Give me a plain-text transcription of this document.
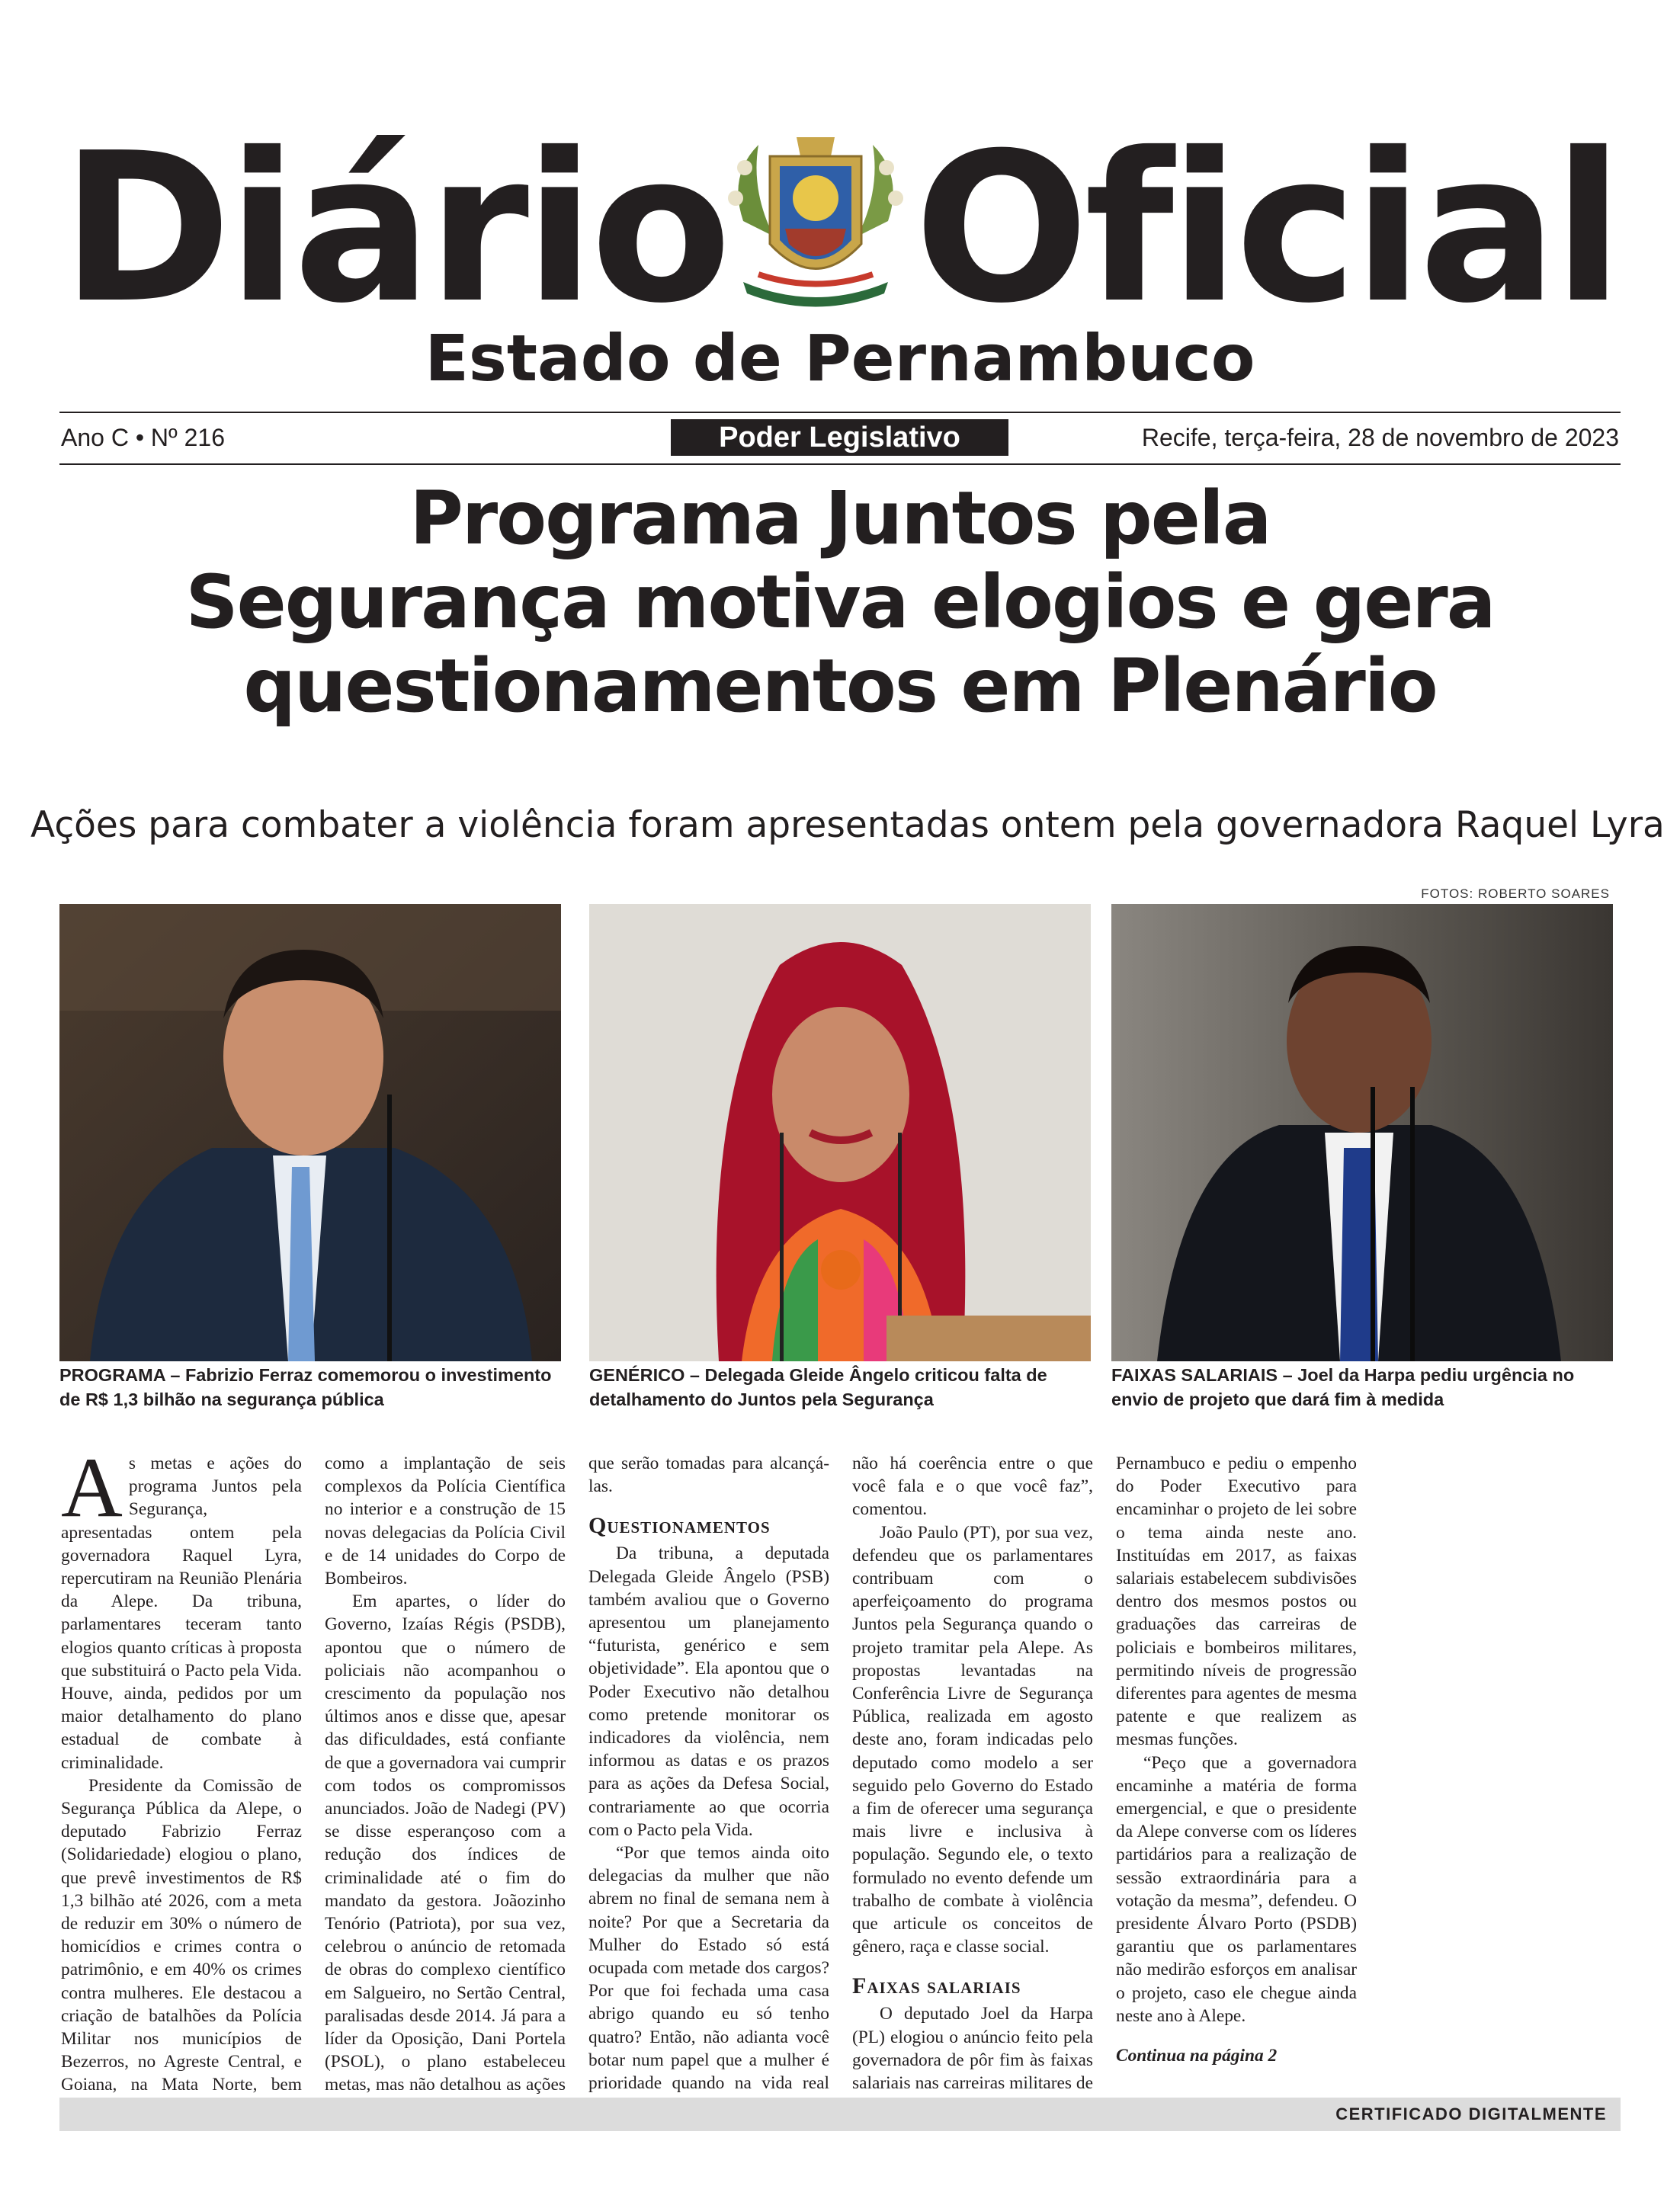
Diário Oficial
Estado de Pernambuco
Ano C • Nº 216	Poder Legislativo	Recife, terça-feira, 28 de novembro de 2023
Programa Juntos pela
Segurança motiva elogios e gera
questionamentos em Plenário
Ações para combater a violência foram apresentadas ontem pela governadora Raquel Lyra
FOTOS: ROBERTO SOARES
PROGRAMA – Fabrizio Ferraz comemorou o investimento de R$ 1,3 bilhão na segurança pública
GENÉRICO – Delegada Gleide Ângelo criticou falta de detalhamento do Juntos pela Segurança
FAIXAS SALARIAIS – Joel da Harpa pediu urgência no envio de projeto que dará fim à medida

As metas e ações do programa Juntos pela Segurança, apresentadas ontem pela governadora Raquel Lyra, repercutiram na Reunião Plenária da Alepe. Da tribuna, parlamentares teceram tanto elogios quanto críticas à proposta que substituirá o Pacto pela Vida. Houve, ainda, pedidos por um maior detalhamento do plano estadual de combate à criminalidade.

Presidente da Comissão de Segurança Pública da Alepe, o deputado Fabrizio Ferraz (Solidariedade) elogiou o plano, que prevê investimentos de R$ 1,3 bilhão até 2026, com a meta de reduzir em 30% o número de homicídios e crimes contra o patrimônio, e em 40% os crimes contra mulheres. Ele destacou a criação de batalhões da Polícia Militar nos municípios de Bezerros, no Agreste Central, e Goiana, na Mata Norte, bem como a implantação de seis complexos da Polícia Científica no interior e a construção de 15 novas delegacias da Polícia Civil e de 14 unidades do Corpo de Bombeiros.

Em apartes, o líder do Governo, Izaías Régis (PSDB), apontou que o número de policiais não acompanhou o crescimento da população nos últimos anos e disse que, apesar das dificuldades, está confiante de que a governadora vai cumprir com todos os compromissos anunciados. João de Nadegi (PV) se disse esperançoso com a redução dos índices de criminalidade até o fim do mandato da gestora. Joãozinho Tenório (Patriota), por sua vez, celebrou o anúncio de retomada de obras do complexo científico em Salgueiro, no Sertão Central, paralisadas desde 2014. Já para a líder da Oposição, Dani Portela (PSOL), o plano estabeleceu metas, mas não detalhou as ações que serão tomadas para alcançá-las.

Questionamentos

Da tribuna, a deputada Delegada Gleide Ângelo (PSB) também avaliou que o Governo apresentou um planejamento “futurista, genérico e sem objetividade”. Ela apontou que o Poder Executivo não detalhou como pretende monitorar os indicadores da violência, nem informou as datas e os prazos para as ações da Defesa Social, contrariamente ao que ocorria com o Pacto pela Vida.

“Por que temos ainda oito delegacias da mulher que não abrem no final de semana nem à noite? Por que a Secretaria da Mulher do Estado só está ocupada com metade dos cargos? Por que foi fechada uma casa abrigo quando eu só tenho quatro? Então, não adianta você botar num papel que a mulher é prioridade quando na vida real não há coerência entre o que você fala e o que você faz”, comentou.

João Paulo (PT), por sua vez, defendeu que os parlamentares contribuam com o aperfeiçoamento do programa Juntos pela Segurança quando o projeto tramitar pela Alepe. As propostas levantadas na Conferência Livre de Segurança Pública, realizada em agosto deste ano, foram indicadas pelo deputado como modelo a ser seguido pelo Governo do Estado a fim de oferecer uma segurança mais livre e inclusiva à população. Segundo ele, o texto formulado no evento defende um trabalho de combate à violência que articule os conceitos de gênero, raça e classe social.

Faixas salariais

O deputado Joel da Harpa (PL) elogiou o anúncio feito pela governadora de pôr fim às faixas salariais nas carreiras militares de Pernambuco e pediu o empenho do Poder Executivo para encaminhar o projeto de lei sobre o tema ainda neste ano. Instituídas em 2017, as faixas salariais estabelecem subdivisões dentro dos mesmos postos ou graduações das carreiras de policiais e bombeiros militares, permitindo níveis de progressão diferentes para agentes de mesma patente e que realizem as mesmas funções.

“Peço que a governadora encaminhe a matéria de forma emergencial, e que o presidente da Alepe converse com os líderes partidários para a realização de sessão extraordinária para a votação da mesma”, defendeu. O presidente Álvaro Porto (PSDB) garantiu que os parlamentares não medirão esforços em analisar o projeto, caso ele chegue ainda neste ano à Alepe.

Continua na página 2

CERTIFICADO DIGITALMENTE
